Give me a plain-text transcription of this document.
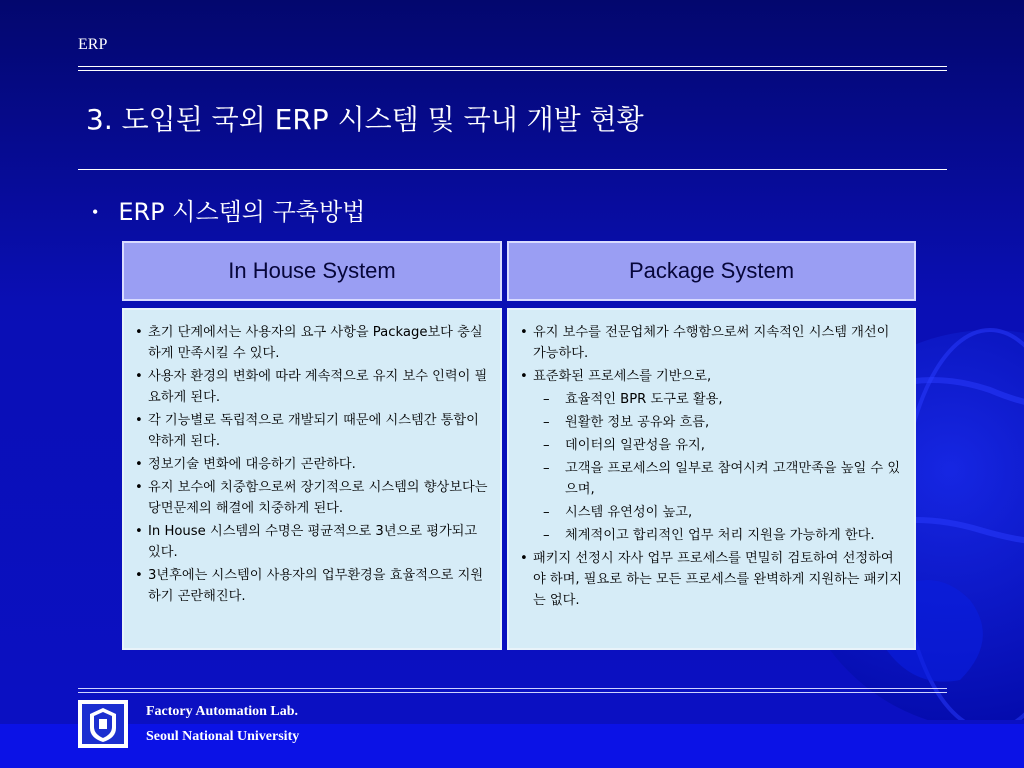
ERP
3. 도입된 국외 ERP 시스템 및 국내 개발 현황
• ERP 시스템의 구축방법
In House System	Package System
• 초기 단계에서는 사용자의 요구 사항을 Package보다 충실하게 만족시킬 수 있다.
• 사용자 환경의 변화에 따라 계속적으로 유지 보수 인력이 필요하게 된다.
• 각 기능별로 독립적으로 개발되기 때문에 시스템간 통합이 약하게 된다.
• 정보기술 변화에 대응하기 곤란하다.
• 유지 보수에 치중함으로써 장기적으로 시스템의 향상보다는 당면문제의 해결에 치중하게 된다.
• In House 시스템의 수명은 평균적으로 3년으로 평가되고 있다.
• 3년후에는 시스템이 사용자의 업무환경을 효율적으로 지원하기 곤란해진다.
• 유지 보수를 전문업체가 수행함으로써 지속적인 시스템 개선이 가능하다.
• 표준화된 프로세스를 기반으로,
– 효율적인 BPR 도구로 활용,
– 원활한 정보 공유와 흐름,
– 데이터의 일관성을 유지,
– 고객을 프로세스의 일부로 참여시켜 고객만족을 높일 수 있으며,
– 시스템 유연성이 높고,
– 체계적이고 합리적인 업무 처리 지원을 가능하게 한다.
• 패키지 선정시 자사 업무 프로세스를 면밀히 검토하여 선정하여야 하며, 필요로 하는 모든 프로세스를 완벽하게 지원하는 패키지는 없다.
Factory Automation Lab.
Seoul National University
